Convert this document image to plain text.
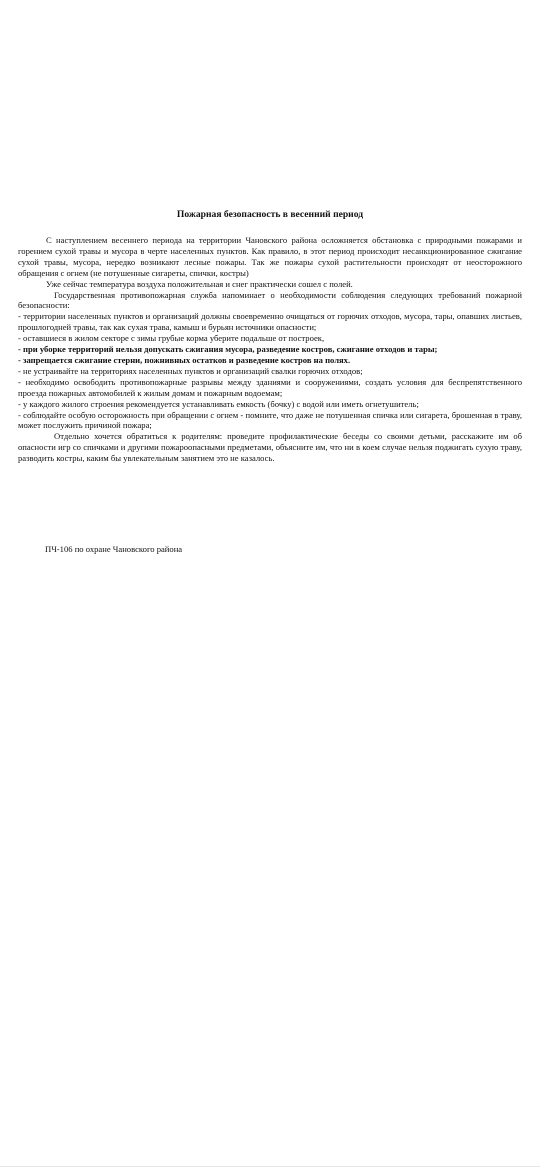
Пожарная безопасность в весенний период

С наступлением весеннего периода на территории Чановского района осложняется обстановка с природными пожарами и горением сухой травы и мусора в черте населенных пунктов. Как правило, в этот период происходит несанкционированное сжигание сухой травы, мусора, нередко возникают лесные пожары. Так же пожары сухой растительности происходят от неосторожного обращения с огнем (не потушенные сигареты, спички, костры)

Уже сейчас температура воздуха положительная и снег практически сошел с полей.

Государственная противопожарная служба напоминает о необходимости соблюдения следующих требований пожарной безопасности:

- территории населенных пунктов и организаций должны своевременно очищаться от горючих отходов, мусора, тары, опавших листьев, прошлогодней травы, так как сухая трава, камыш и бурьян источники опасности;

- оставшиеся в жилом секторе с зимы грубые корма уберите подальше от построек,

- при уборке территорий нельзя допускать сжигания мусора, разведение костров, сжигание отходов и тары;

- запрещается сжигание стерни, пожнивных остатков и разведение костров на полях.

- не устраивайте на территориях населенных пунктов и организаций свалки горючих отходов;

- необходимо освободить противопожарные разрывы между зданиями и сооружениями, создать условия для беспрепятственного проезда пожарных автомобилей к жилым домам и пожарным водоемам;

- у каждого жилого строения рекомендуется устанавливать емкость (бочку) с водой или иметь огнетушитель;

- соблюдайте особую осторожность при обращении с огнем - помните, что даже не потушенная спичка или сигарета, брошенная в траву, может послужить причиной пожара;

Отдельно хочется обратиться к родителям: проведите профилактические беседы со своими детьми, расскажите им об опасности игр со спичками и другими пожароопасными предметами, объясните им, что ни в коем случае нельзя поджигать сухую траву, разводить костры, каким бы увлекательным занятием это не казалось.

ПЧ-106 по охране Чановского района
